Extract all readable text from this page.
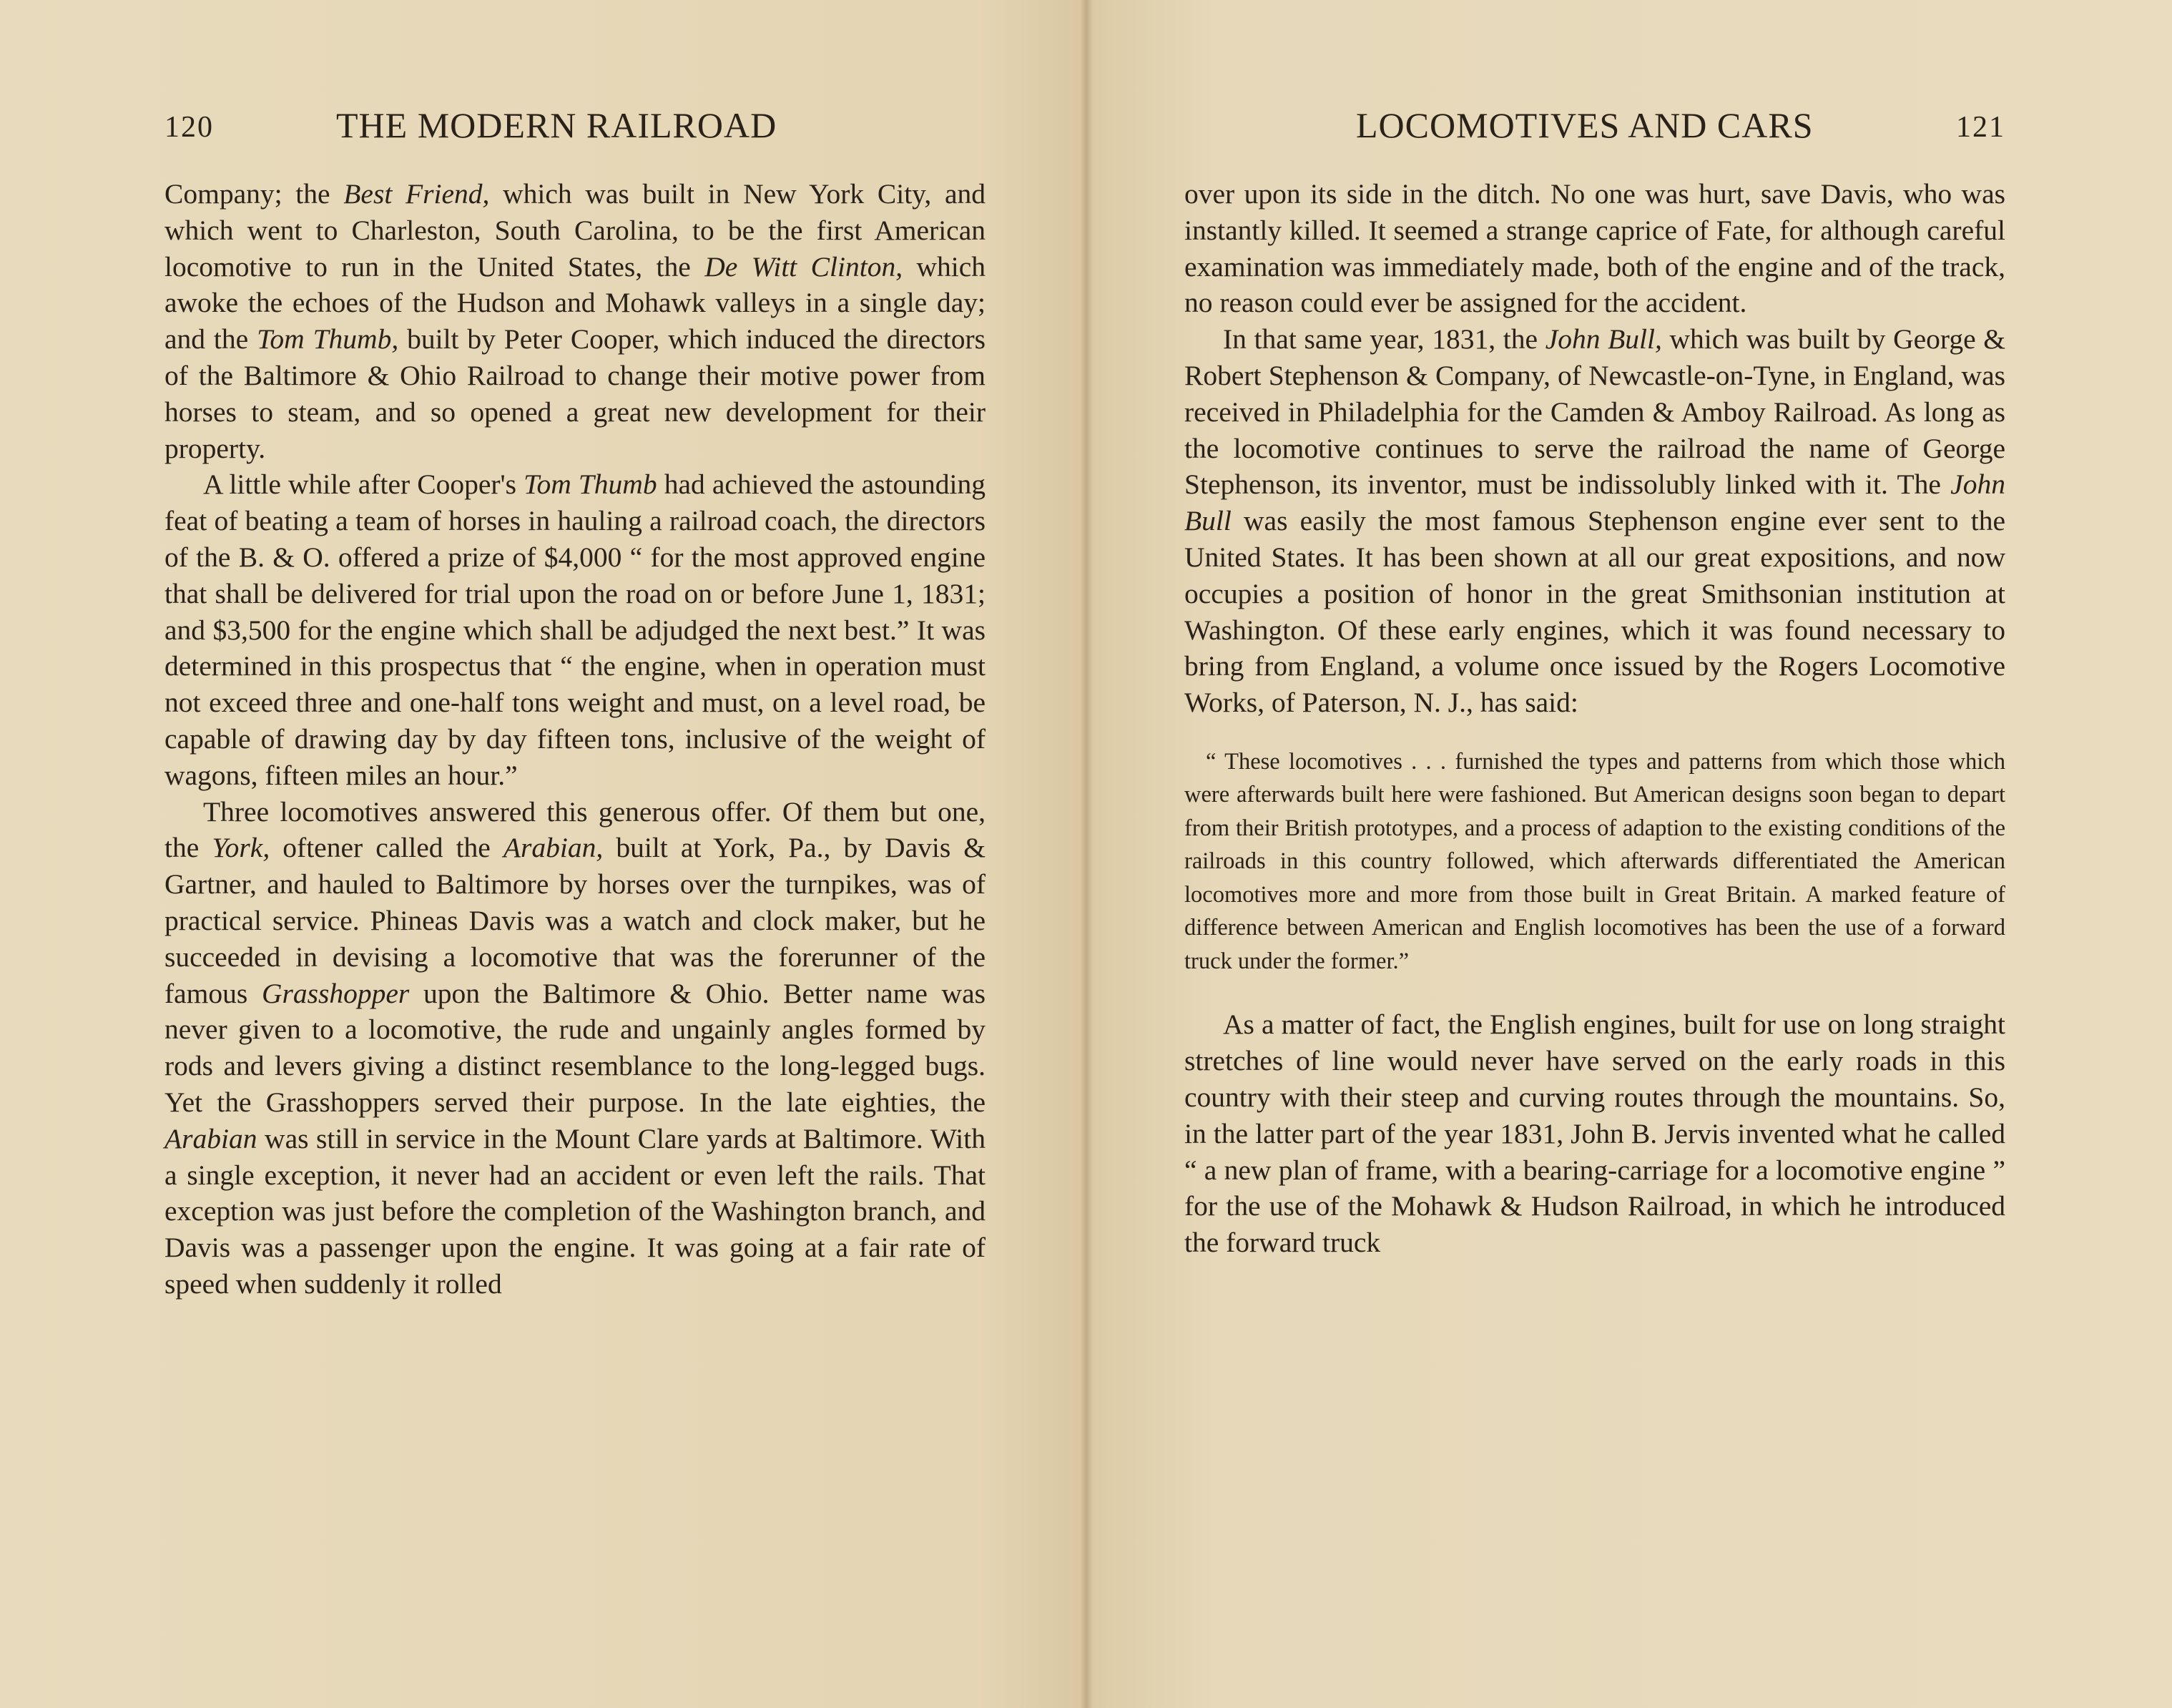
120	THE MODERN RAILROAD

Company; the Best Friend, which was built in New York City, and which went to Charleston, South Carolina, to be the first American locomotive to run in the United States, the De Witt Clinton, which awoke the echoes of the Hudson and Mohawk valleys in a single day; and the Tom Thumb, built by Peter Cooper, which induced the directors of the Baltimore & Ohio Railroad to change their motive power from horses to steam, and so opened a great new development for their property.

A little while after Cooper's Tom Thumb had achieved the astounding feat of beating a team of horses in hauling a railroad coach, the directors of the B. & O. offered a prize of $4,000 “ for the most approved engine that shall be delivered for trial upon the road on or before June 1, 1831; and $3,500 for the engine which shall be adjudged the next best.” It was determined in this prospectus that “ the engine, when in operation must not exceed three and one-half tons weight and must, on a level road, be capable of drawing day by day fifteen tons, inclusive of the weight of wagons, fifteen miles an hour.”

Three locomotives answered this generous offer. Of them but one, the York, oftener called the Arabian, built at York, Pa., by Davis & Gartner, and hauled to Baltimore by horses over the turnpikes, was of practical service. Phineas Davis was a watch and clock maker, but he succeeded in devising a locomotive that was the forerunner of the famous Grasshopper upon the Baltimore & Ohio. Better name was never given to a locomotive, the rude and ungainly angles formed by rods and levers giving a distinct resemblance to the long-legged bugs. Yet the Grasshoppers served their purpose. In the late eighties, the Arabian was still in service in the Mount Clare yards at Baltimore. With a single exception, it never had an accident or even left the rails. That exception was just before the completion of the Washington branch, and Davis was a passenger upon the engine. It was going at a fair rate of speed when suddenly it rolled

LOCOMOTIVES AND CARS	121

over upon its side in the ditch. No one was hurt, save Davis, who was instantly killed. It seemed a strange caprice of Fate, for although careful examination was immediately made, both of the engine and of the track, no reason could ever be assigned for the accident.

In that same year, 1831, the John Bull, which was built by George & Robert Stephenson & Company, of Newcastle-on-Tyne, in England, was received in Philadelphia for the Camden & Amboy Railroad. As long as the locomotive continues to serve the railroad the name of George Stephenson, its inventor, must be indissolubly linked with it. The John Bull was easily the most famous Stephenson engine ever sent to the United States. It has been shown at all our great expositions, and now occupies a position of honor in the great Smithsonian institution at Washington. Of these early engines, which it was found necessary to bring from England, a volume once issued by the Rogers Locomotive Works, of Paterson, N. J., has said:

“ These locomotives . . . furnished the types and patterns from which those which were afterwards built here were fashioned. But American designs soon began to depart from their British prototypes, and a process of adaption to the existing conditions of the railroads in this country followed, which afterwards differentiated the American locomotives more and more from those built in Great Britain. A marked feature of difference between American and English locomotives has been the use of a forward truck under the former.”

As a matter of fact, the English engines, built for use on long straight stretches of line would never have served on the early roads in this country with their steep and curving routes through the mountains. So, in the latter part of the year 1831, John B. Jervis invented what he called “ a new plan of frame, with a bearing-carriage for a locomotive engine ” for the use of the Mohawk & Hudson Railroad, in which he introduced the forward truck
